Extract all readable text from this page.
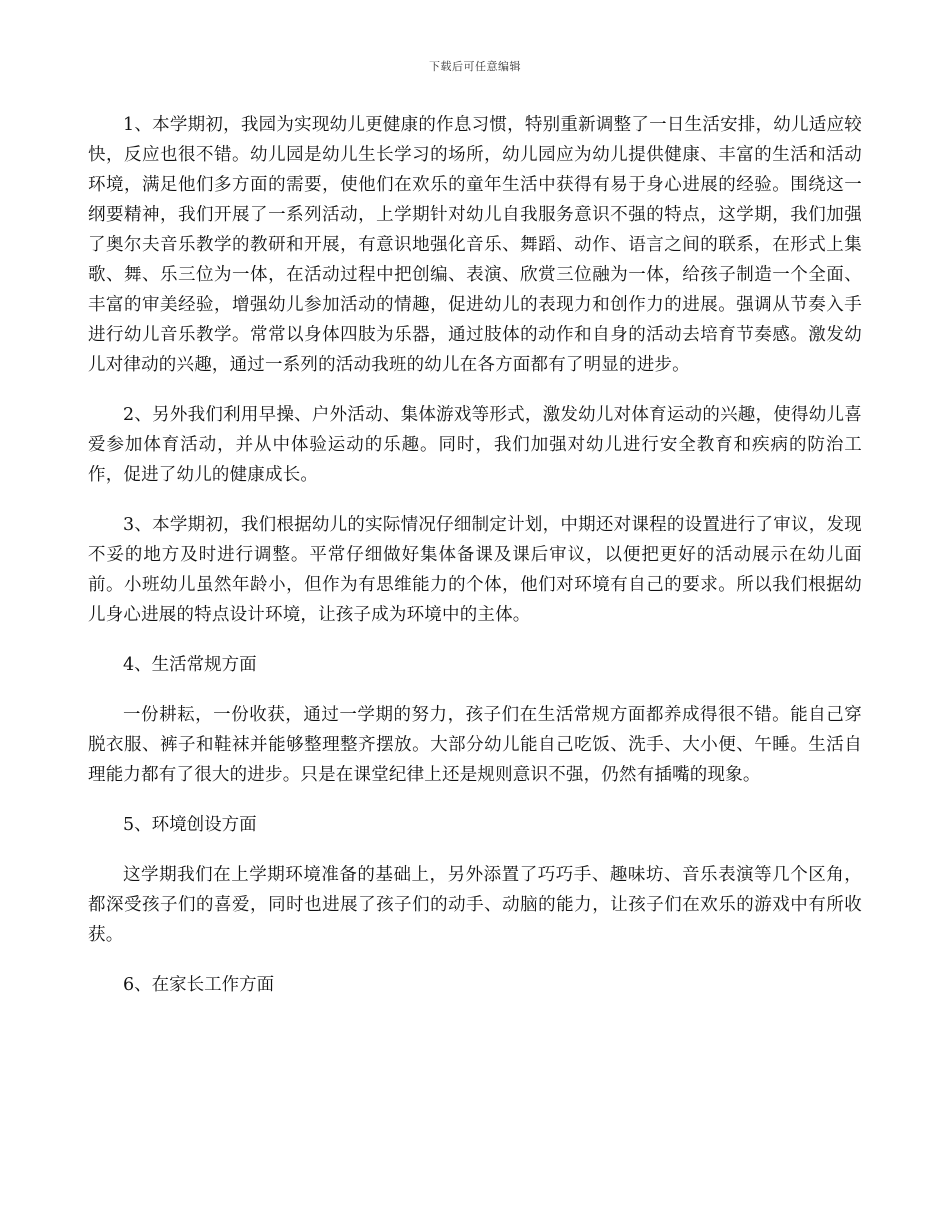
下载后可任意编辑

1、本学期初，我园为实现幼儿更健康的作息习惯，特别重新调整了一日生活安排，幼儿适应较快，反应也很不错。幼儿园是幼儿生长学习的场所，幼儿园应为幼儿提供健康、丰富的生活和活动环境，满足他们多方面的需要，使他们在欢乐的童年生活中获得有易于身心进展的经验。围绕这一纲要精神，我们开展了一系列活动，上学期针对幼儿自我服务意识不强的特点，这学期，我们加强了奥尔夫音乐教学的教研和开展，有意识地强化音乐、舞蹈、动作、语言之间的联系，在形式上集歌、舞、乐三位为一体，在活动过程中把创编、表演、欣赏三位融为一体，给孩子制造一个全面、丰富的审美经验，增强幼儿参加活动的情趣，促进幼儿的表现力和创作力的进展。强调从节奏入手进行幼儿音乐教学。常常以身体四肢为乐器，通过肢体的动作和自身的活动去培育节奏感。激发幼儿对律动的兴趣，通过一系列的活动我班的幼儿在各方面都有了明显的进步。

2、另外我们利用早操、户外活动、集体游戏等形式，激发幼儿对体育运动的兴趣，使得幼儿喜爱参加体育活动，并从中体验运动的乐趣。同时，我们加强对幼儿进行安全教育和疾病的防治工作，促进了幼儿的健康成长。

3、本学期初，我们根据幼儿的实际情况仔细制定计划，中期还对课程的设置进行了审议，发现不妥的地方及时进行调整。平常仔细做好集体备课及课后审议，以便把更好的活动展示在幼儿面前。小班幼儿虽然年龄小，但作为有思维能力的个体，他们对环境有自己的要求。所以我们根据幼儿身心进展的特点设计环境，让孩子成为环境中的主体。

4、生活常规方面

一份耕耘，一份收获，通过一学期的努力，孩子们在生活常规方面都养成得很不错。能自己穿脱衣服、裤子和鞋袜并能够整理整齐摆放。大部分幼儿能自己吃饭、洗手、大小便、午睡。生活自理能力都有了很大的进步。只是在课堂纪律上还是规则意识不强，仍然有插嘴的现象。

5、环境创设方面

这学期我们在上学期环境准备的基础上，另外添置了巧巧手、趣味坊、音乐表演等几个区角，都深受孩子们的喜爱，同时也进展了孩子们的动手、动脑的能力，让孩子们在欢乐的游戏中有所收获。

6、在家长工作方面
